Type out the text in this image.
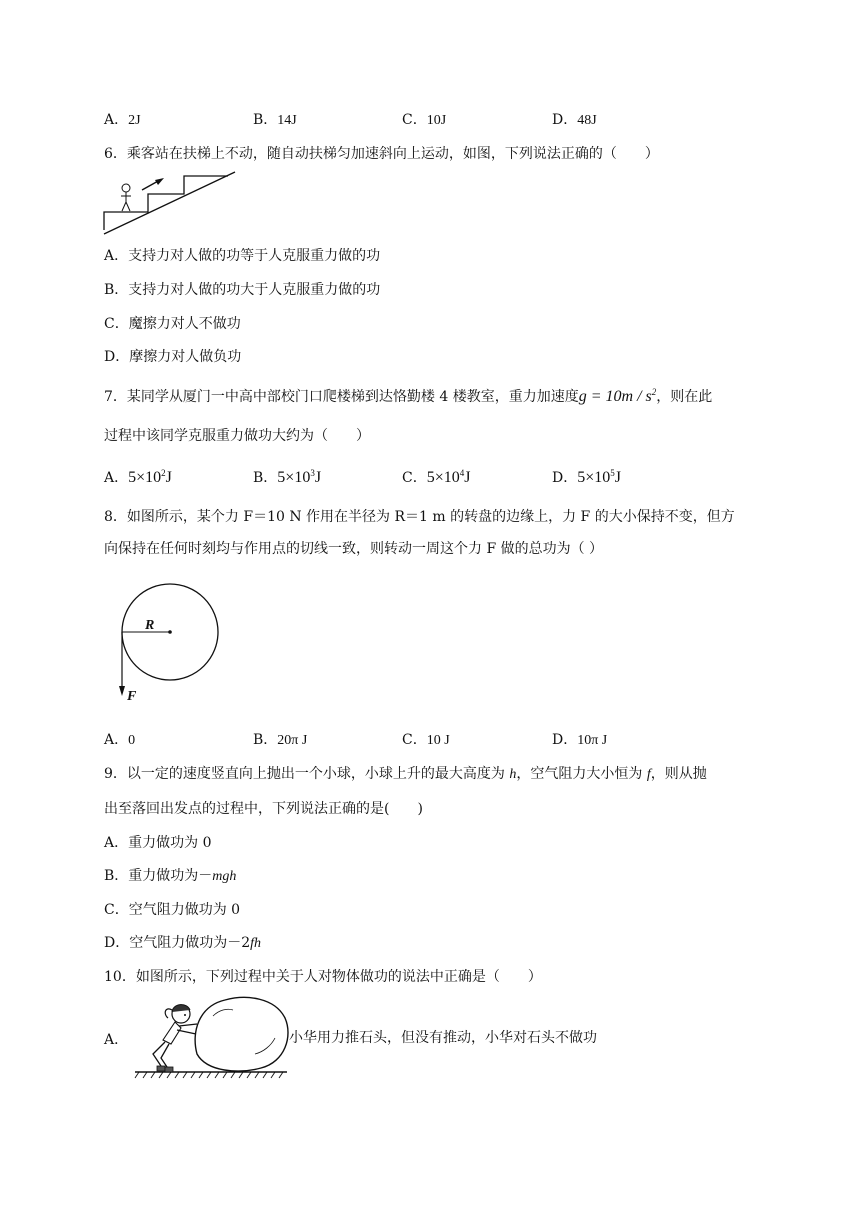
A．2J	B．14J	C．10J	D．48J
6．乘客站在扶梯上不动，随自动扶梯匀加速斜向上运动，如图，下列说法正确的（　　）
A．支持力对人做的功等于人克服重力做的功
B．支持力对人做的功大于人克服重力做的功
C．魔擦力对人不做功
D．摩擦力对人做负功
7．某同学从厦门一中高中部校门口爬楼梯到达恪勤楼 4 楼教室，重力加速度$g = 10m / s^2$，则在此
过程中该同学克服重力做功大约为（　　）
A．$5\times 10^2J$	B．$5\times 10^3J$	C．$5\times 10^4J$	D．$5\times 10^5J$
8．如图所示，某个力 F＝10 N 作用在半径为 R＝1 m 的转盘的边缘上，力 F 的大小保持不变，但方
向保持在任何时刻均与作用点的切线一致，则转动一周这个力 F 做的总功为（ ）
R
F
A．0	B．20π J	C．10 J	D．10π J
9．以一定的速度竖直向上抛出一个小球，小球上升的最大高度为 h，空气阻力大小恒为 f，则从抛
出至落回出发点的过程中，下列说法正确的是(　　)
A．重力做功为 0
B．重力做功为－mgh
C．空气阻力做功为 0
D．空气阻力做功为－2fh
10．如图所示，下列过程中关于人对物体做功的说法中正确是（　　）
A．	小华用力推石头，但没有推动，小华对石头不做功
